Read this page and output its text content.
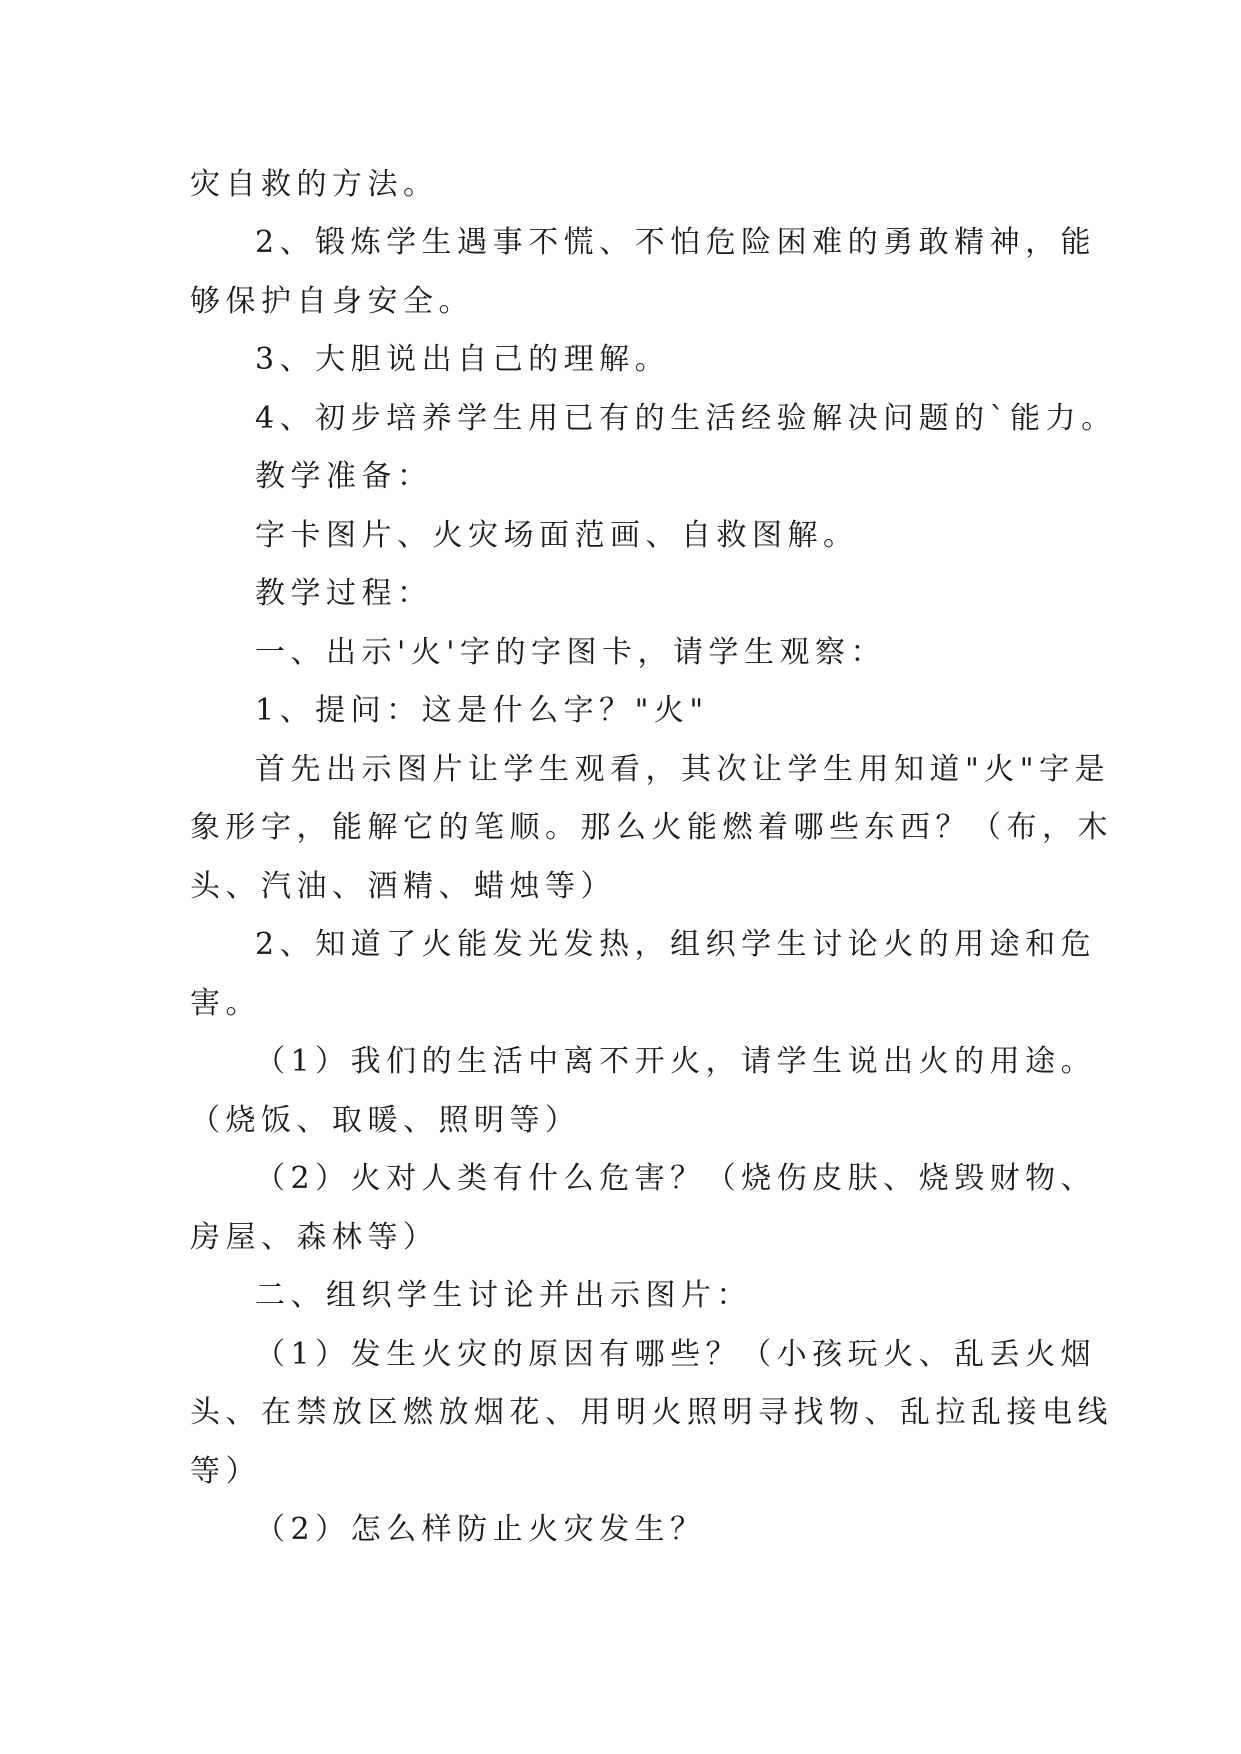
灾自救的方法。
2、锻炼学生遇事不慌、不怕危险困难的勇敢精神，能
够保护自身安全。
3、大胆说出自己的理解。
4、初步培养学生用已有的生活经验解决问题的`能力。
教学准备：
字卡图片、火灾场面范画、自救图解。
教学过程：
一、出示'火'字的字图卡，请学生观察：
1、提问：这是什么字？"火"
首先出示图片让学生观看，其次让学生用知道"火"字是
象形字，能解它的笔顺。那么火能燃着哪些东西？（布，木
头、汽油、酒精、蜡烛等）
2、知道了火能发光发热，组织学生讨论火的用途和危
害。
（1）我们的生活中离不开火，请学生说出火的用途。
（烧饭、取暖、照明等）
（2）火对人类有什么危害？（烧伤皮肤、烧毁财物、
房屋、森林等）
二、组织学生讨论并出示图片：
（1）发生火灾的原因有哪些？（小孩玩火、乱丢火烟
头、在禁放区燃放烟花、用明火照明寻找物、乱拉乱接电线
等）
（2）怎么样防止火灾发生？
